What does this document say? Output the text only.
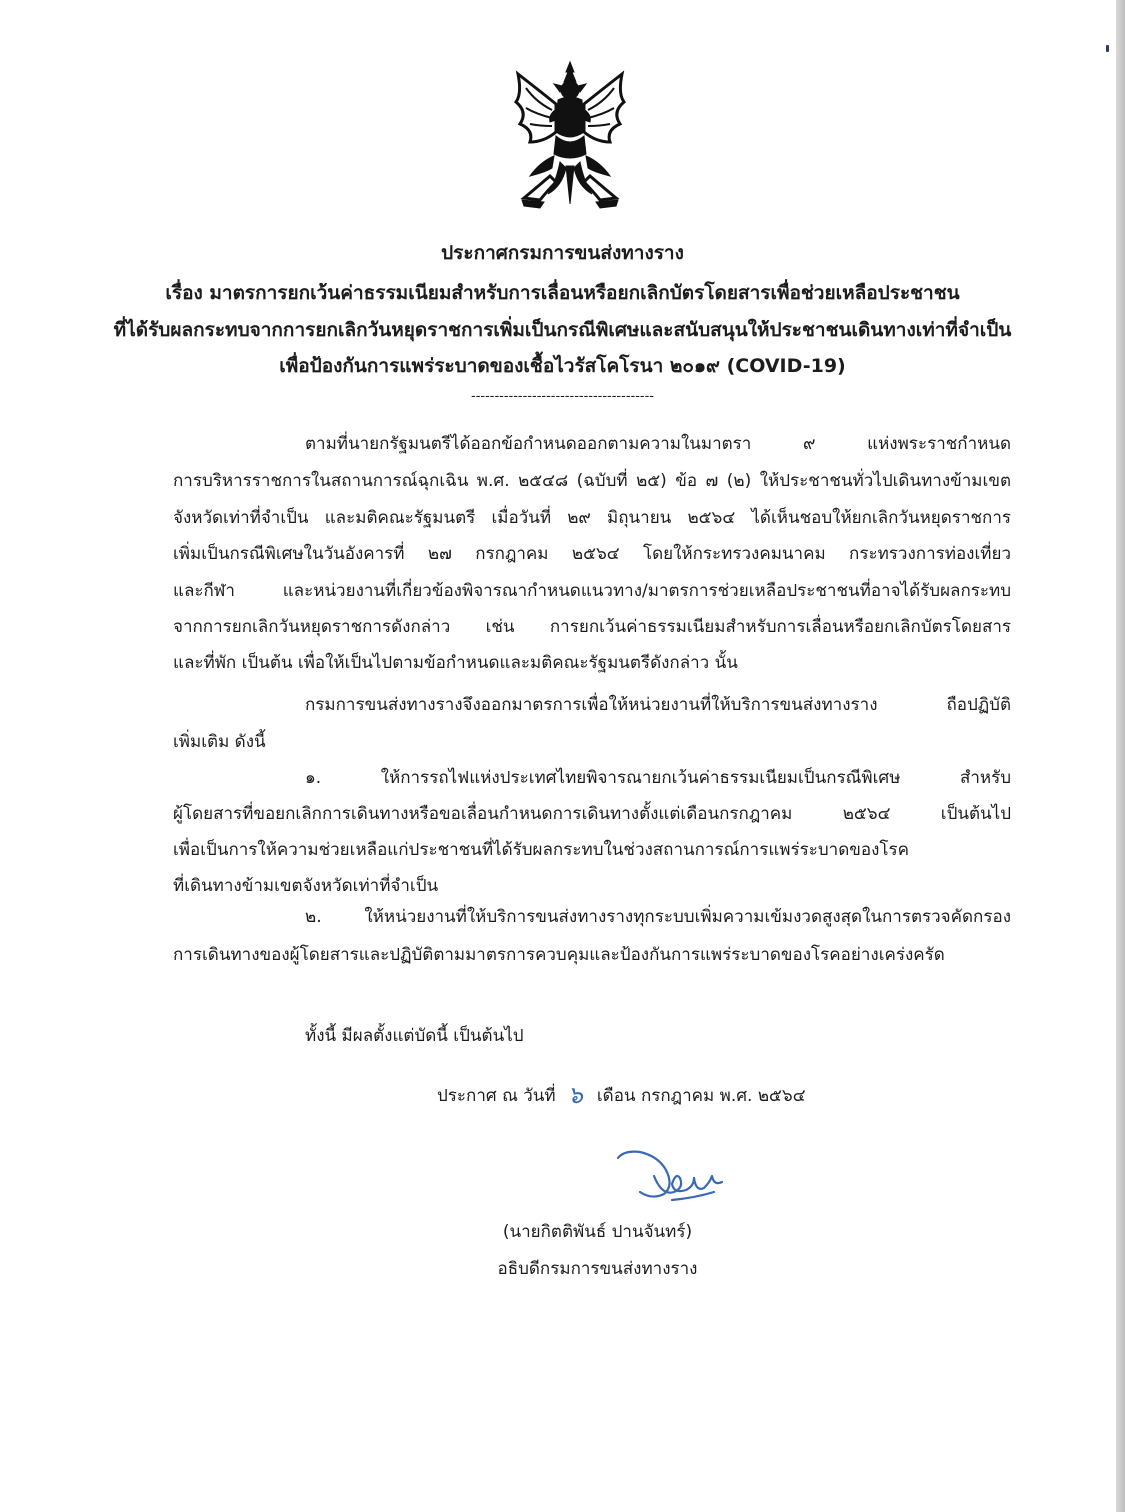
ประกาศกรมการขนส่งทางราง
เรื่อง มาตรการยกเว้นค่าธรรมเนียมสำหรับการเลื่อนหรือยกเลิกบัตรโดยสารเพื่อช่วยเหลือประชาชน
ที่ได้รับผลกระทบจากการยกเลิกวันหยุดราชการเพิ่มเป็นกรณีพิเศษและสนับสนุนให้ประชาชนเดินทางเท่าที่จำเป็น
เพื่อป้องกันการแพร่ระบาดของเชื้อไวรัสโคโรนา ๒๐๑๙ (COVID-19)
---------------------------------------
ตามที่นายกรัฐมนตรีได้ออกข้อกำหนดออกตามความในมาตรา ๙ แห่งพระราชกำหนด
การบริหารราชการในสถานการณ์ฉุกเฉิน พ.ศ. ๒๕๔๘ (ฉบับที่ ๒๕) ข้อ ๗ (๒) ให้ประชาชนทั่วไปเดินทางข้ามเขต
จังหวัดเท่าที่จำเป็น และมติคณะรัฐมนตรี เมื่อวันที่ ๒๙ มิถุนายน ๒๕๖๔ ได้เห็นชอบให้ยกเลิกวันหยุดราชการ
เพิ่มเป็นกรณีพิเศษในวันอังคารที่ ๒๗ กรกฎาคม ๒๕๖๔ โดยให้กระทรวงคมนาคม กระทรวงการท่องเที่ยว
และกีฬา และหน่วยงานที่เกี่ยวข้องพิจารณากำหนดแนวทาง/มาตรการช่วยเหลือประชาชนที่อาจได้รับผลกระทบ
จากการยกเลิกวันหยุดราชการดังกล่าว เช่น การยกเว้นค่าธรรมเนียมสำหรับการเลื่อนหรือยกเลิกบัตรโดยสาร
และที่พัก เป็นต้น เพื่อให้เป็นไปตามข้อกำหนดและมติคณะรัฐมนตรีดังกล่าว นั้น
กรมการขนส่งทางรางจึงออกมาตรการเพื่อให้หน่วยงานที่ให้บริการขนส่งทางราง ถือปฏิบัติ
เพิ่มเติม ดังนี้
๑. ให้การรถไฟแห่งประเทศไทยพิจารณายกเว้นค่าธรรมเนียมเป็นกรณีพิเศษ สำหรับ
ผู้โดยสารที่ขอยกเลิกการเดินทางหรือขอเลื่อนกำหนดการเดินทางตั้งแต่เดือนกรกฎาคม ๒๕๖๔ เป็นต้นไป
เพื่อเป็นการให้ความช่วยเหลือแก่ประชาชนที่ได้รับผลกระทบในช่วงสถานการณ์การแพร่ระบาดของโรค
ที่เดินทางข้ามเขตจังหวัดเท่าที่จำเป็น
๒. ให้หน่วยงานที่ให้บริการขนส่งทางรางทุกระบบเพิ่มความเข้มงวดสูงสุดในการตรวจคัดกรอง
การเดินทางของผู้โดยสารและปฏิบัติตามมาตรการควบคุมและป้องกันการแพร่ระบาดของโรคอย่างเคร่งครัด
ทั้งนี้ มีผลตั้งแต่บัดนี้ เป็นต้นไป
ประกาศ ณ วันที่ ๖ เดือน กรกฎาคม พ.ศ. ๒๕๖๔
(นายกิตติพันธ์ ปานจันทร์)
อธิบดีกรมการขนส่งทางราง
